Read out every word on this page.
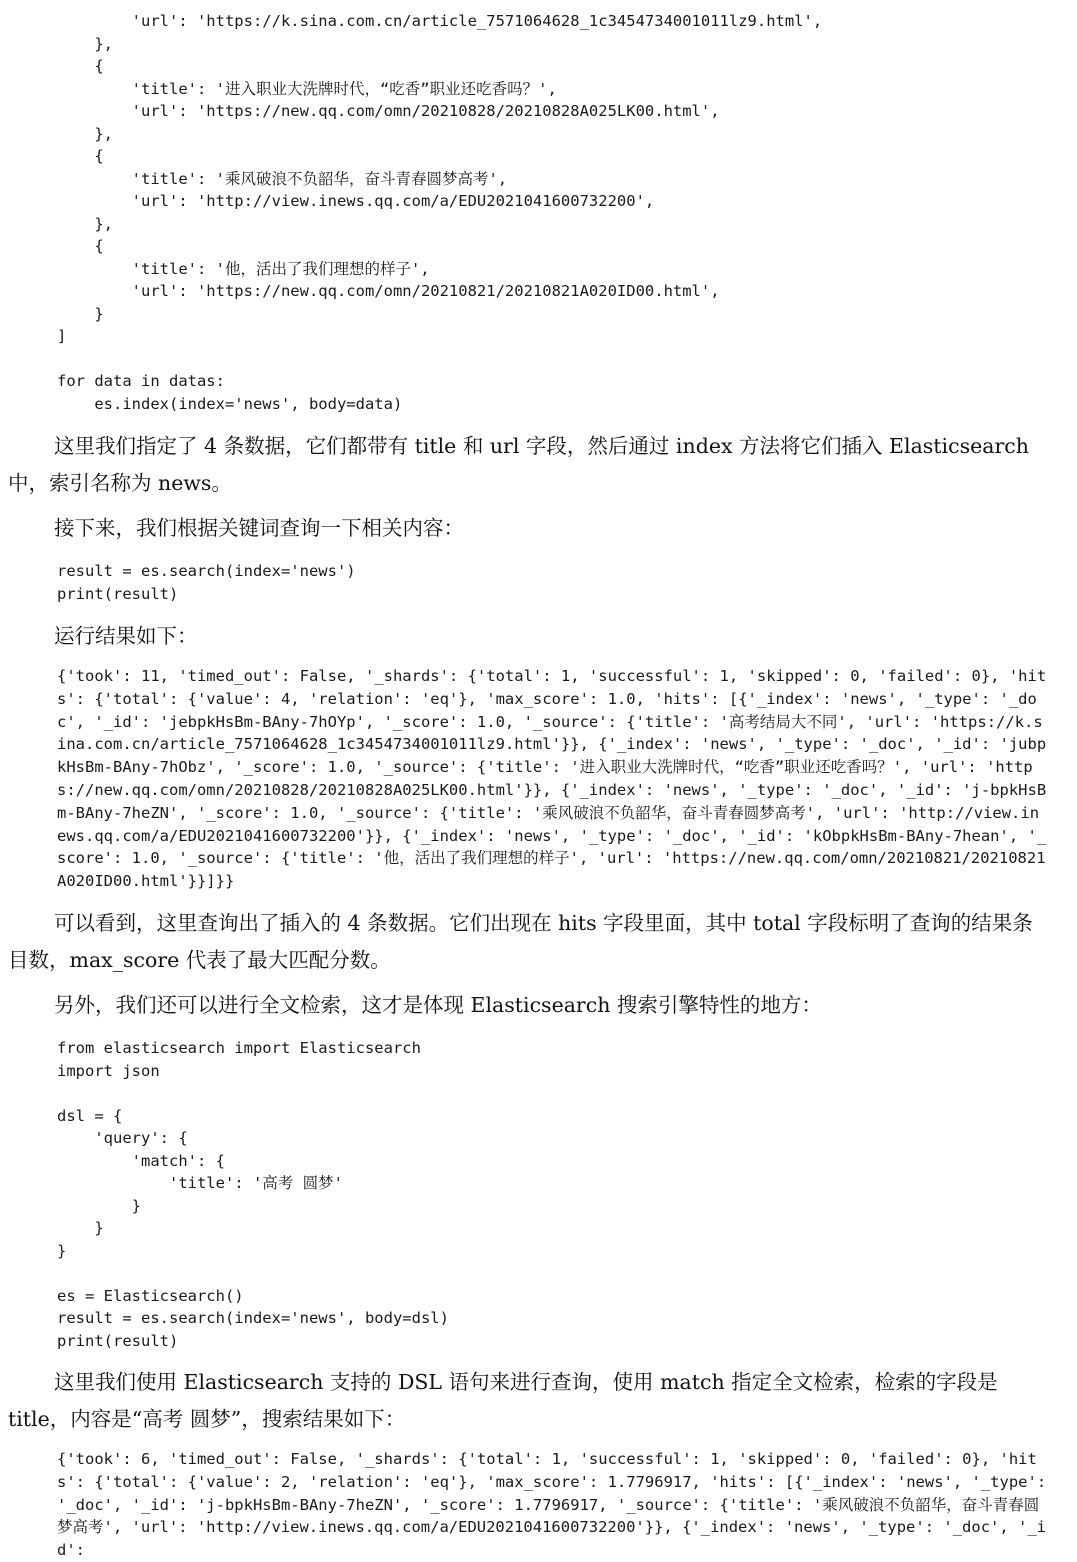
'url': 'https://k.sina.com.cn/article_7571064628_1c3454734001011lz9.html',
},
{
'title': '进入职业大洗牌时代，“吃香”职业还吃香吗？',
'url': 'https://new.qq.com/omn/20210828/20210828A025LK00.html',
},
{
'title': '乘风破浪不负韶华，奋斗青春圆梦高考',
'url': 'http://view.inews.qq.com/a/EDU2021041600732200',
},
{
'title': '他，活出了我们理想的样子',
'url': 'https://new.qq.com/omn/20210821/20210821A020ID00.html',
}
]

for data in datas:
es.index(index='news', body=data)

这里我们指定了 4 条数据，它们都带有 title 和 url 字段，然后通过 index 方法将它们插入 Elasticsearch 中，索引名称为 news。

接下来，我们根据关键词查询一下相关内容：

result = es.search(index='news')
print(result)

运行结果如下：

{'took': 11, 'timed_out': False, '_shards': {'total': 1, 'successful': 1, 'skipped': 0, 'failed': 0}, 'hits': {'total': {'value': 4, 'relation': 'eq'}, 'max_score': 1.0, 'hits': [{'_index': 'news', '_type': '_doc', '_id': 'jebpkHsBm-BAny-7hOYp', '_score': 1.0, '_source': {'title': '高考结局大不同', 'url': 'https://k.sina.com.cn/article_7571064628_1c3454734001011lz9.html'}}, {'_index': 'news', '_type': '_doc', '_id': 'jubpkHsBm-BAny-7hObz', '_score': 1.0, '_source': {'title': '进入职业大洗牌时代，“吃香”职业还吃香吗？', 'url': 'https://new.qq.com/omn/20210828/20210828A025LK00.html'}}, {'_index': 'news', '_type': '_doc', '_id': 'j-bpkHsBm-BAny-7heZN', '_score': 1.0, '_source': {'title': '乘风破浪不负韶华，奋斗青春圆梦高考', 'url': 'http://view.inews.qq.com/a/EDU2021041600732200'}}, {'_index': 'news', '_type': '_doc', '_id': 'kObpkHsBm-BAny-7hean', '_score': 1.0, '_source': {'title': '他，活出了我们理想的样子', 'url': 'https://new.qq.com/omn/20210821/20210821A020ID00.html'}}]}}

可以看到，这里查询出了插入的 4 条数据。它们出现在 hits 字段里面，其中 total 字段标明了查询的结果条目数，max_score 代表了最大匹配分数。

另外，我们还可以进行全文检索，这才是体现 Elasticsearch 搜索引擎特性的地方：

from elasticsearch import Elasticsearch
import json

dsl = {
'query': {
'match': {
'title': '高考 圆梦'
}
}
}

es = Elasticsearch()
result = es.search(index='news', body=dsl)
print(result)

这里我们使用 Elasticsearch 支持的 DSL 语句来进行查询，使用 match 指定全文检索，检索的字段是 title，内容是“高考 圆梦”，搜索结果如下：

{'took': 6, 'timed_out': False, '_shards': {'total': 1, 'successful': 1, 'skipped': 0, 'failed': 0}, 'hits': {'total': {'value': 2, 'relation': 'eq'}, 'max_score': 1.7796917, 'hits': [{'_index': 'news', '_type': '_doc', '_id': 'j-bpkHsBm-BAny-7heZN', '_score': 1.7796917, '_source': {'title': '乘风破浪不负韶华，奋斗青春圆梦高考', 'url': 'http://view.inews.qq.com/a/EDU2021041600732200'}}, {'_index': 'news', '_type': '_doc', '_id':
